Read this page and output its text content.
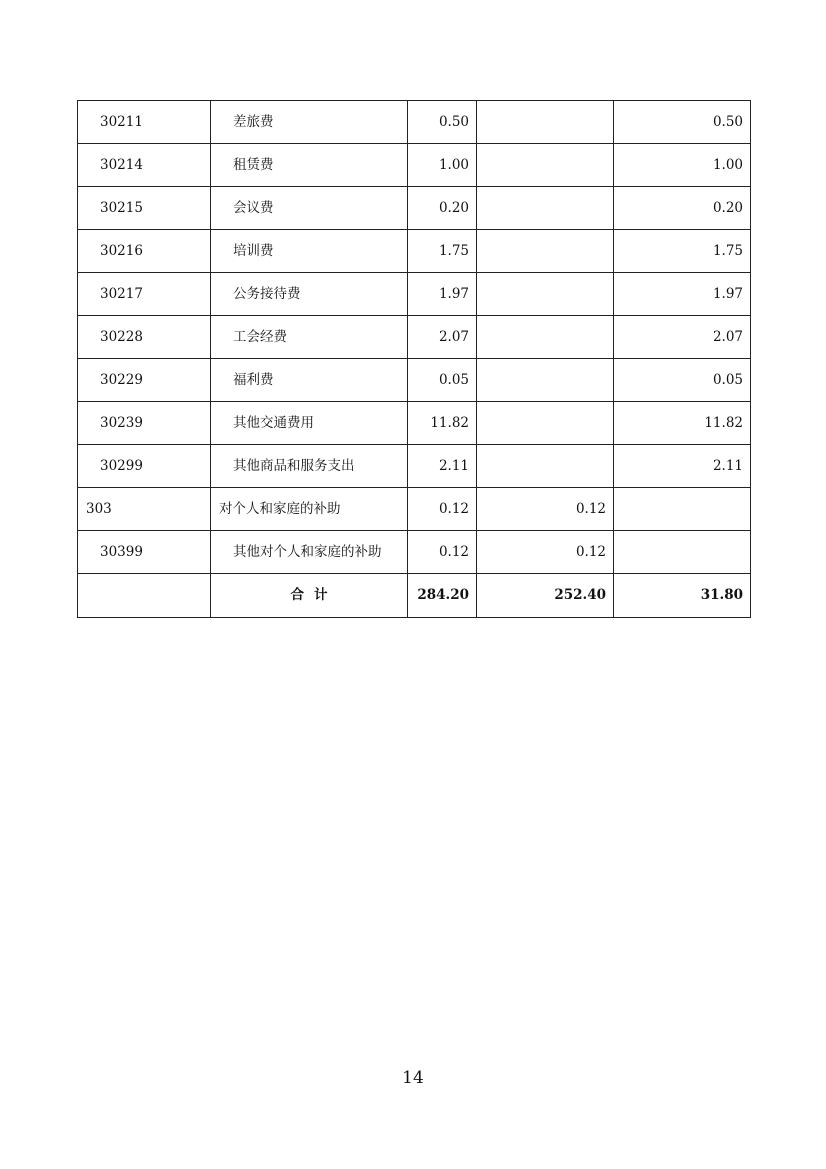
30211	差旅费	0.50		0.50
30214	租赁费	1.00		1.00
30215	会议费	0.20		0.20
30216	培训费	1.75		1.75
30217	公务接待费	1.97		1.97
30228	工会经费	2.07		2.07
30229	福利费	0.05		0.05
30239	其他交通费用	11.82		11.82
30299	其他商品和服务支出	2.11		2.11
303	对个人和家庭的补助	0.12	0.12	
30399	其他对个人和家庭的补助	0.12	0.12	
	合计	284.20	252.40	31.80
14
